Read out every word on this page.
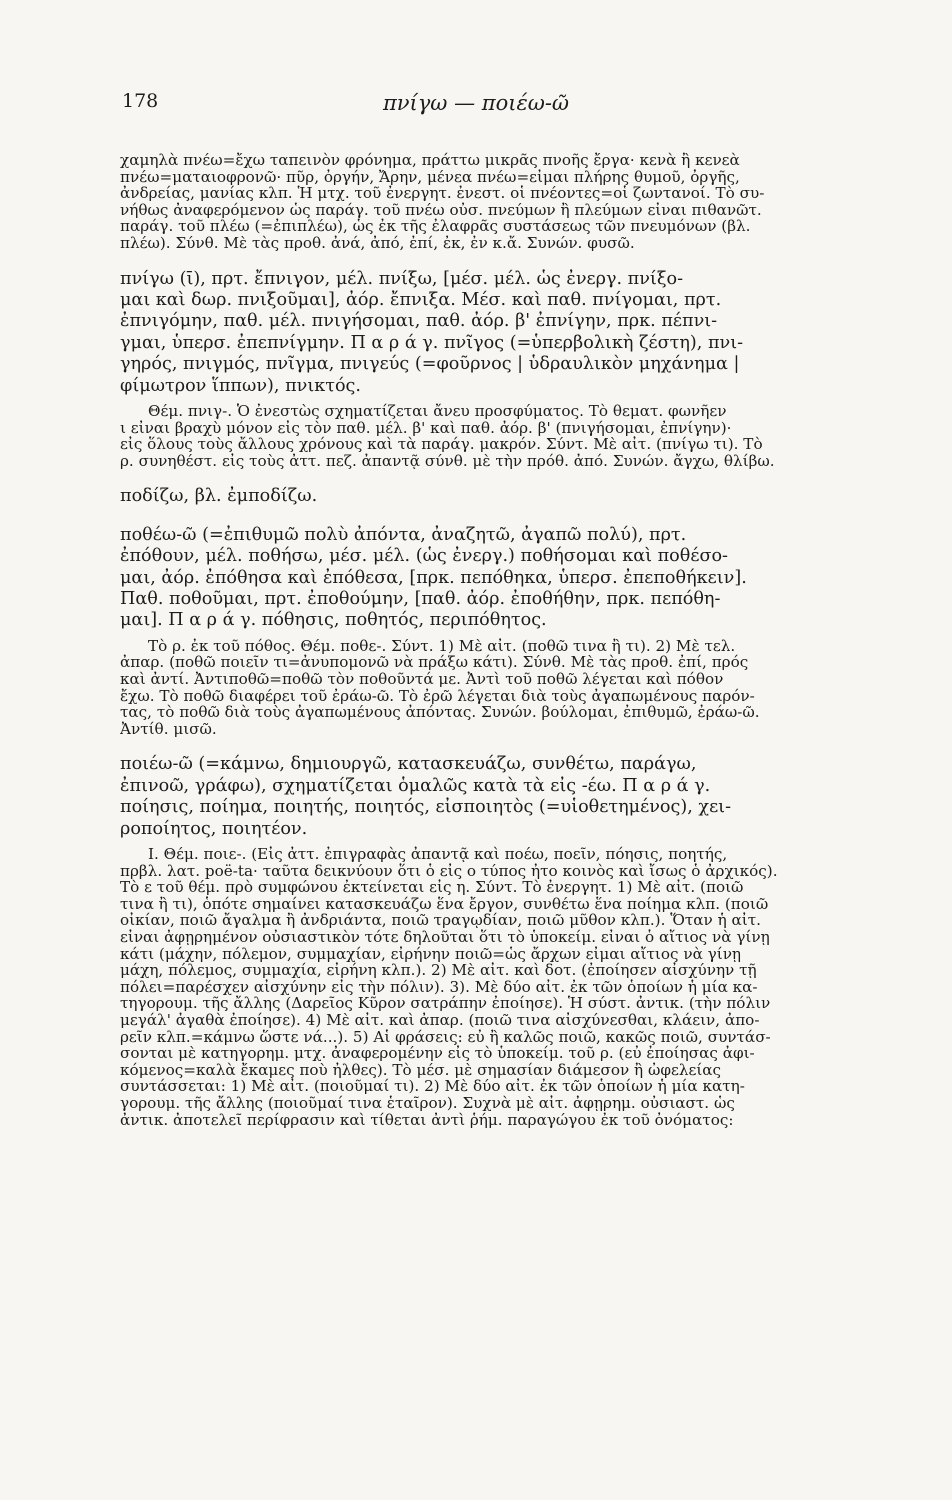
178	πνίγω — ποιέω-ῶ
χαμηλὰ πνέω=ἔχω ταπεινὸν φρόνημα, πράττω μικρᾶς πνοῆς ἔργα· κενὰ ἢ κενεὰ
πνέω=ματαιοφρονῶ· πῦρ, ὀργήν, Ἄρην, μένεα πνέω=εἶμαι πλήρης θυμοῦ, ὀργῆς,
ἀνδρείας, μανίας κλπ. Ἡ μτχ. τοῦ ἐνεργητ. ἐνεστ. οἱ πνέοντες=οἱ ζωντανοί. Τὸ συ-
νήθως ἀναφερόμενον ὡς παράγ. τοῦ πνέω οὐσ. πνεύμων ἢ πλεύμων εἶναι πιθανῶτ.
παράγ. τοῦ πλέω (=ἐπιπλέω), ὡς ἐκ τῆς ἐλαφρᾶς συστάσεως τῶν πνευμόνων (βλ.
πλέω). Σύνθ. Μὲ τὰς προθ. ἀνά, ἀπό, ἐπί, ἐκ, ἐν κ.ἄ. Συνών. φυσῶ.
πνίγω (ῑ), πρτ. ἔπνιγον, μέλ. πνίξω, [μέσ. μέλ. ὡς ἐνεργ. πνίξο-
μαι καὶ δωρ. πνιξοῦμαι], ἀόρ. ἔπνιξα. Μέσ. καὶ παθ. πνίγομαι, πρτ.
ἐπνιγόμην, παθ. μέλ. πνιγήσομαι, παθ. ἀόρ. β' ἐπνίγην, πρκ. πέπνι-
γμαι, ὑπερσ. ἐπεπνίγμην. Π α ρ ά γ. πνῖγος (=ὑπερβολικὴ ζέστη), πνι-
γηρός, πνιγμός, πνῖγμα, πνιγεύς (=φοῦρνος | ὑδραυλικὸν μηχάνημα |
φίμωτρον ἵππων), πνικτός.
Θέμ. πνιγ-. Ὁ ἐνεστὼς σχηματίζεται ἄνευ προσφύματος. Τὸ θεματ. φωνῆεν
ι εἶναι βραχὺ μόνον εἰς τὸν παθ. μέλ. β' καὶ παθ. ἀόρ. β' (πνιγήσομαι, ἐπνίγην)·
εἰς ὅλους τοὺς ἄλλους χρόνους καὶ τὰ παράγ. μακρόν. Σύντ. Μὲ αἰτ. (πνίγω τι). Τὸ
ρ. συνηθέστ. εἰς τοὺς ἀττ. πεζ. ἀπαντᾷ σύνθ. μὲ τὴν πρόθ. ἀπό. Συνών. ἄγχω, θλίβω.
ποδίζω, βλ. ἐμποδίζω.
ποθέω-ῶ (=ἐπιθυμῶ πολὺ ἀπόντα, ἀναζητῶ, ἀγαπῶ πολύ), πρτ.
ἐπόθουν, μέλ. ποθήσω, μέσ. μέλ. (ὡς ἐνεργ.) ποθήσομαι καὶ ποθέσο-
μαι, ἀόρ. ἐπόθησα καὶ ἐπόθεσα, [πρκ. πεπόθηκα, ὑπερσ. ἐπεποθήκειν].
Παθ. ποθοῦμαι, πρτ. ἐποθούμην, [παθ. ἀόρ. ἐποθήθην, πρκ. πεπόθη-
μαι]. Π α ρ ά γ. πόθησις, ποθητός, περιπόθητος.
Τὸ ρ. ἐκ τοῦ πόθος. Θέμ. ποθε-. Σύντ. 1) Μὲ αἰτ. (ποθῶ τινα ἢ τι). 2) Μὲ τελ.
ἀπαρ. (ποθῶ ποιεῖν τι=ἀνυπομονῶ νὰ πράξω κάτι). Σύνθ. Μὲ τὰς προθ. ἐπί, πρός
καὶ ἀντί. Ἀντιποθῶ=ποθῶ τὸν ποθοῦντά με. Ἀντὶ τοῦ ποθῶ λέγεται καὶ πόθον
ἔχω. Τὸ ποθῶ διαφέρει τοῦ ἐράω-ῶ. Τὸ ἐρῶ λέγεται διὰ τοὺς ἀγαπωμένους παρόν-
τας, τὸ ποθῶ διὰ τοὺς ἀγαπωμένους ἀπόντας. Συνών. βούλομαι, ἐπιθυμῶ, ἐράω-ῶ.
Ἀντίθ. μισῶ.
ποιέω-ῶ (=κάμνω, δημιουργῶ, κατασκευάζω, συνθέτω, παράγω,
ἐπινοῶ, γράφω), σχηματίζεται ὁμαλῶς κατὰ τὰ εἰς -έω. Π α ρ ά γ.
ποίησις, ποίημα, ποιητής, ποιητός, εἰσποιητὸς (=υἱοθετημένος), χει-
ροποίητος, ποιητέον.
Ι. Θέμ. ποιε-. (Εἰς ἀττ. ἐπιγραφὰς ἀπαντᾷ καὶ ποέω, ποεῖν, πόησις, ποητής,
πρβλ. λατ. poë-ta· ταῦτα δεικνύουν ὅτι ὁ εἰς ο τύπος ἦτο κοινὸς καὶ ἴσως ὁ ἀρχικός).
Τὸ ε τοῦ θέμ. πρὸ συμφώνου ἐκτείνεται εἰς η. Σύντ. Τὸ ἐνεργητ. 1) Μὲ αἰτ. (ποιῶ
τινα ἢ τι), ὁπότε σημαίνει κατασκευάζω ἕνα ἔργον, συνθέτω ἕνα ποίημα κλπ. (ποιῶ
οἰκίαν, ποιῶ ἄγαλμα ἢ ἀνδριάντα, ποιῶ τραγῳδίαν, ποιῶ μῦθον κλπ.). Ὅταν ἡ αἰτ.
εἶναι ἀφῃρημένον οὐσιαστικὸν τότε δηλοῦται ὅτι τὸ ὑποκείμ. εἶναι ὁ αἴτιος νὰ γίνῃ
κάτι (μάχην, πόλεμον, συμμαχίαν, εἰρήνην ποιῶ=ὡς ἄρχων εἶμαι αἴτιος νὰ γίνῃ
μάχη, πόλεμος, συμμαχία, εἰρήνη κλπ.). 2) Μὲ αἰτ. καὶ δοτ. (ἐποίησεν αἰσχύνην τῇ
πόλει=παρέσχεν αἰσχύνην εἰς τὴν πόλιν). 3). Μὲ δύο αἰτ. ἐκ τῶν ὁποίων ἡ μία κα-
τηγορουμ. τῆς ἄλλης (Δαρεῖος Κῦρον σατράπην ἐποίησε). Ἡ σύστ. ἀντικ. (τὴν πόλιν
μεγάλ' ἀγαθὰ ἐποίησε). 4) Μὲ αἰτ. καὶ ἀπαρ. (ποιῶ τινα αἰσχύνεσθαι, κλάειν, ἀπο-
ρεῖν κλπ.=κάμνω ὥστε νά...). 5) Αἱ φράσεις: εὖ ἢ καλῶς ποιῶ, κακῶς ποιῶ, συντάσ-
σονται μὲ κατηγορημ. μτχ. ἀναφερομένην εἰς τὸ ὑποκείμ. τοῦ ρ. (εὖ ἐποίησας ἀφι-
κόμενος=καλὰ ἔκαμες ποὺ ἦλθες). Τὸ μέσ. μὲ σημασίαν διάμεσον ἢ ὠφελείας
συντάσσεται: 1) Μὲ αἰτ. (ποιοῦμαί τι). 2) Μὲ δύο αἰτ. ἐκ τῶν ὁποίων ἡ μία κατη-
γορουμ. τῆς ἄλλης (ποιοῦμαί τινα ἑταῖρον). Συχνὰ μὲ αἰτ. ἀφῃρημ. οὐσιαστ. ὡς
ἀντικ. ἀποτελεῖ περίφρασιν καὶ τίθεται ἀντὶ ῥήμ. παραγώγου ἐκ τοῦ ὀνόματος:
